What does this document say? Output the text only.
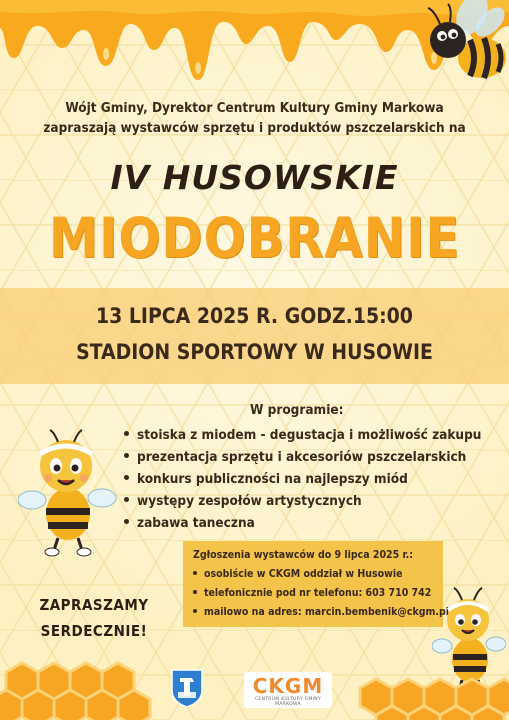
Wójt Gminy, Dyrektor Centrum Kultury Gminy Markowa
zapraszają wystawców sprzętu i produktów pszczelarskich na
IV HUSOWSKIE
MIODOBRANIE
13 LIPCA 2025 R. GODZ.15:00
STADION SPORTOWY W HUSOWIE
W programie:
stoiska z miodem - degustacja i możliwość zakupu
prezentacja sprzętu i akcesoriów pszczelarskich
konkurs publiczności na najlepszy miód
występy zespołów artystycznych
zabawa taneczna
Zgłoszenia wystawców do 9 lipca 2025 r.:
osobiście w CKGM oddział w Husowie
telefonicznie pod nr telefonu: 603 710 742
mailowo na adres: marcin.bembenik@ckgm.pl
ZAPRASZAMY
SERDECZNIE!
CKGM
CENTRUM KULTURY GMINY MARKOWA
